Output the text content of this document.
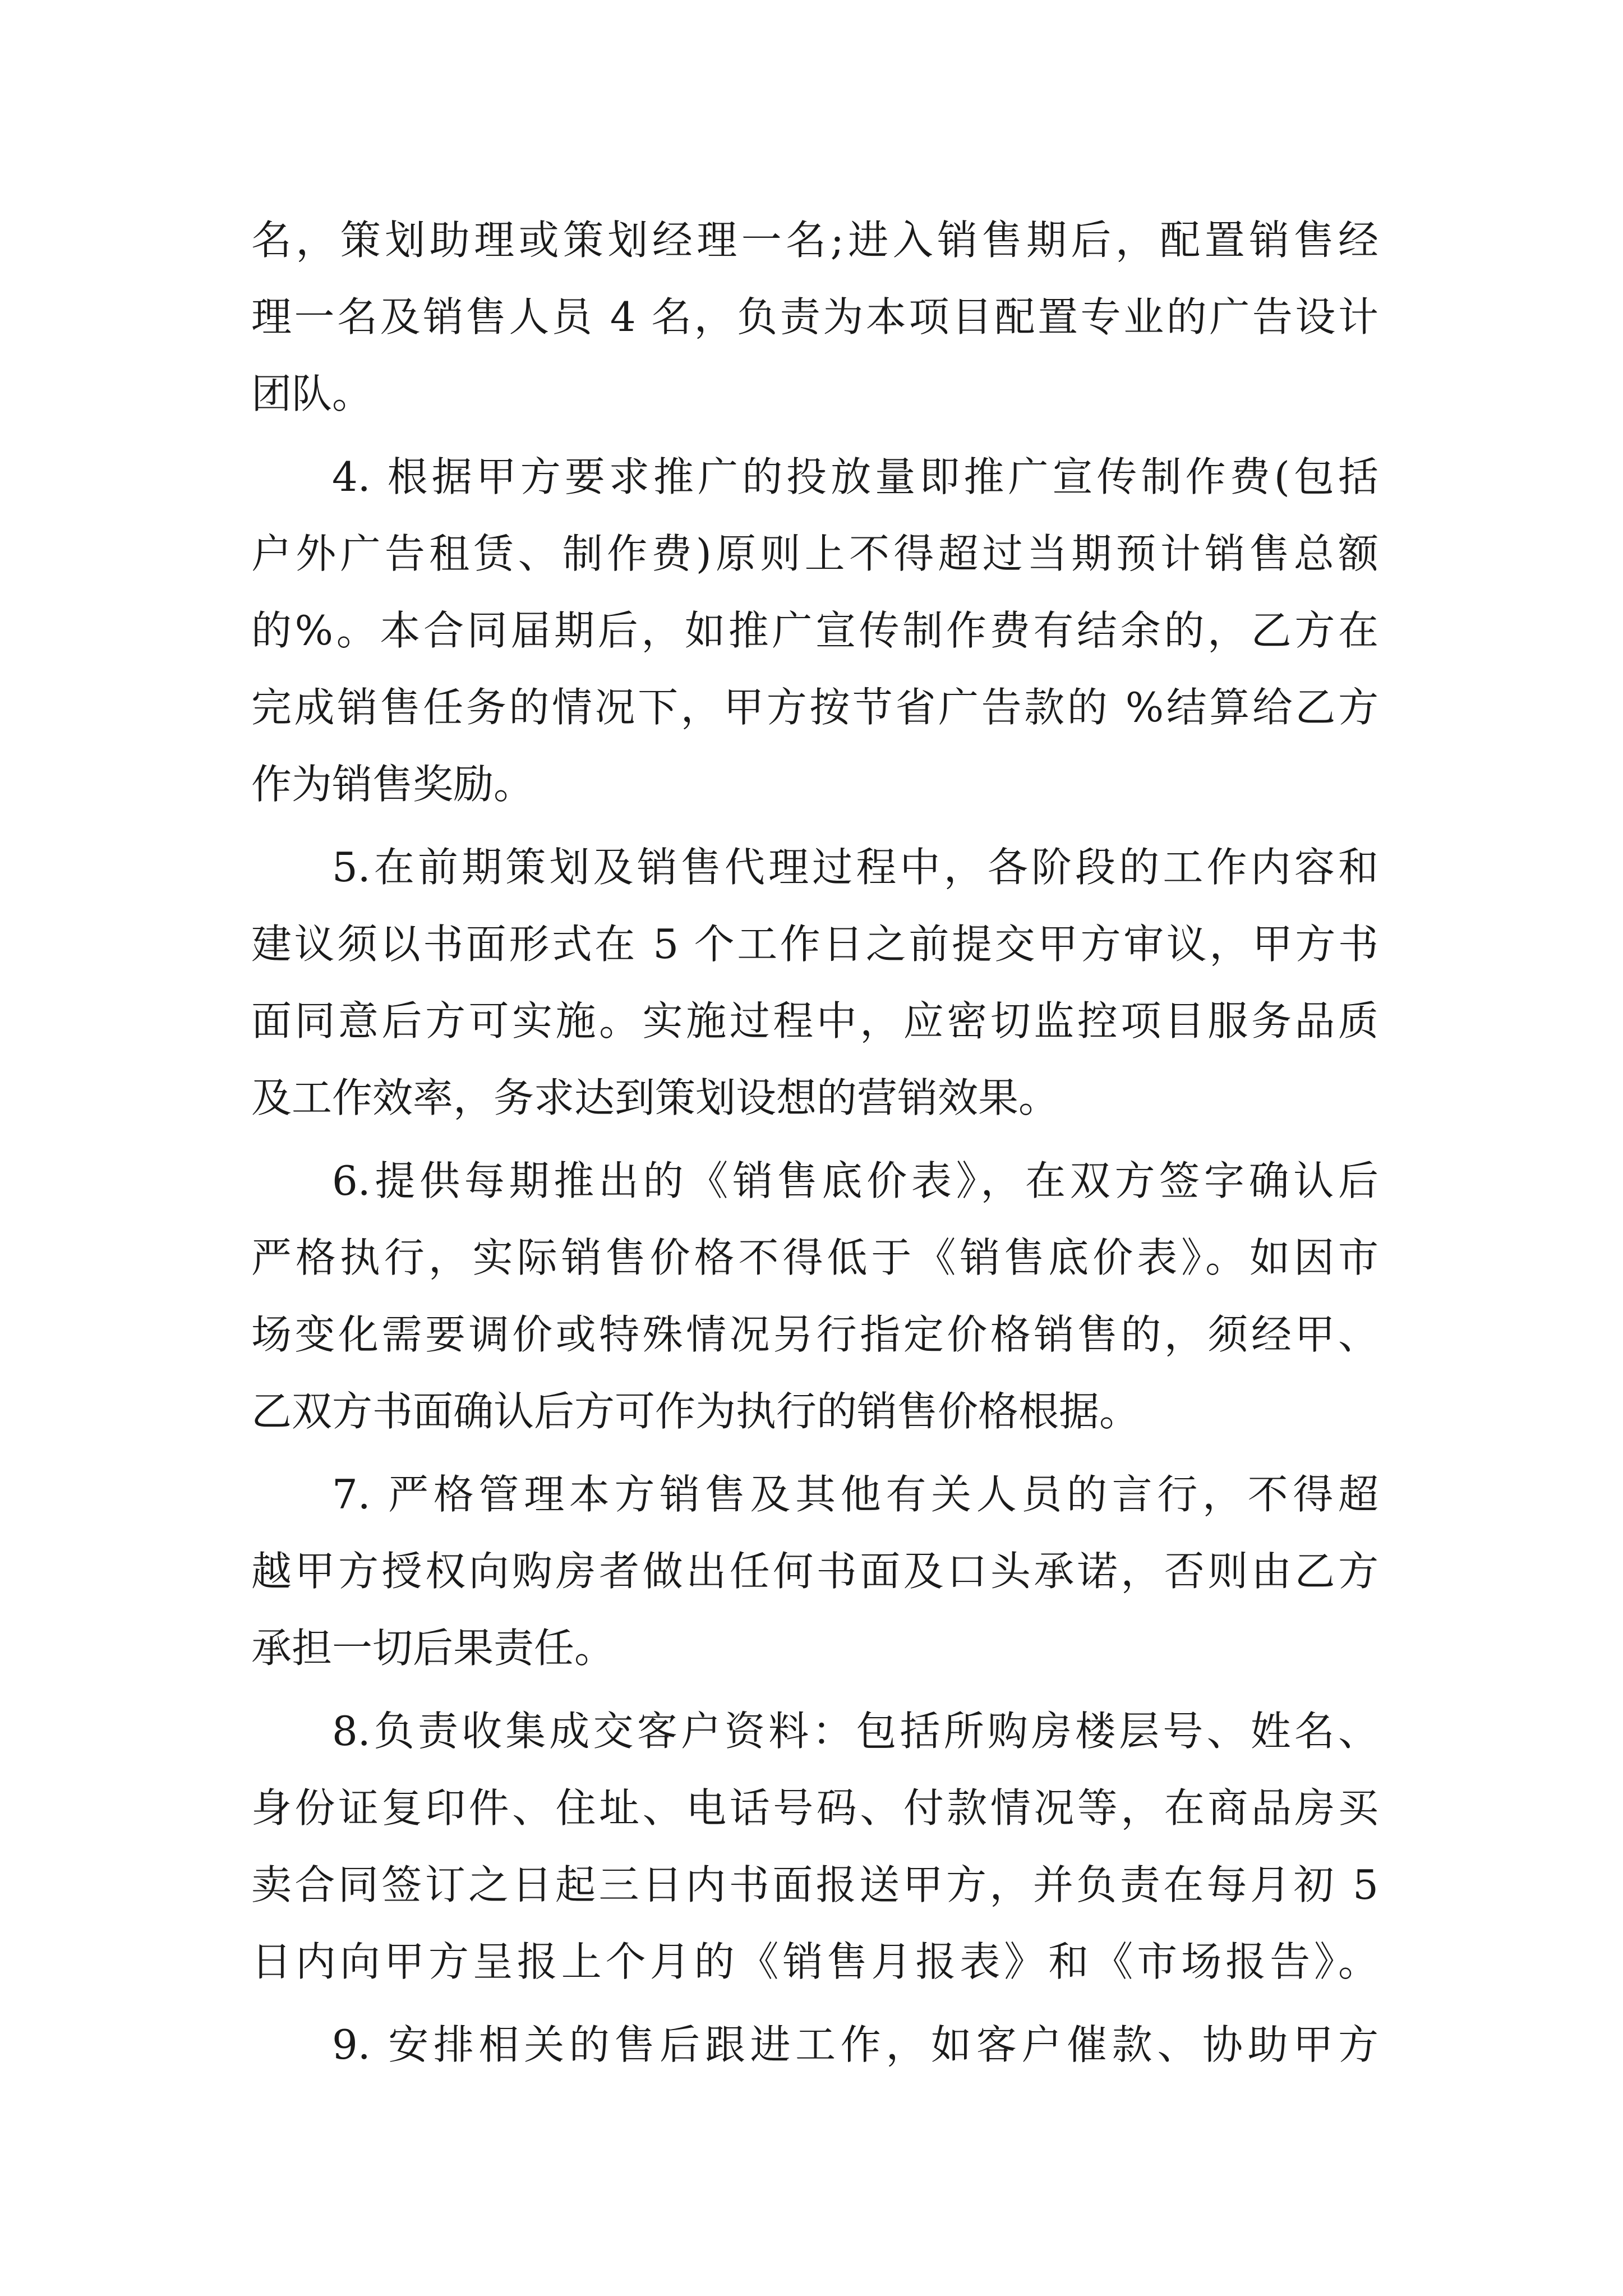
名，策划助理或策划经理一名;进入销售期后，配置销售经
理一名及销售人员 4 名，负责为本项目配置专业的广告设计
团队。
4. 根据甲方要求推广的投放量即推广宣传制作费(包括
户外广告租赁、制作费)原则上不得超过当期预计销售总额
的%。本合同届期后，如推广宣传制作费有结余的，乙方在
完成销售任务的情况下，甲方按节省广告款的 %结算给乙方
作为销售奖励。
5.在前期策划及销售代理过程中，各阶段的工作内容和
建议须以书面形式在 5 个工作日之前提交甲方审议，甲方书
面同意后方可实施。实施过程中，应密切监控项目服务品质
及工作效率，务求达到策划设想的营销效果。
6.提供每期推出的《销售底价表》，在双方签字确认后
严格执行，实际销售价格不得低于《销售底价表》。如因市
场变化需要调价或特殊情况另行指定价格销售的，须经甲、
乙双方书面确认后方可作为执行的销售价格根据。
7. 严格管理本方销售及其他有关人员的言行，不得超
越甲方授权向购房者做出任何书面及口头承诺，否则由乙方
承担一切后果责任。
8.负责收集成交客户资料：包括所购房楼层号、姓名、
身份证复印件、住址、电话号码、付款情况等，在商品房买
卖合同签订之日起三日内书面报送甲方，并负责在每月初 5
日内向甲方呈报上个月的《销售月报表》和《市场报告》。
9. 安排相关的售后跟进工作，如客户催款、协助甲方
